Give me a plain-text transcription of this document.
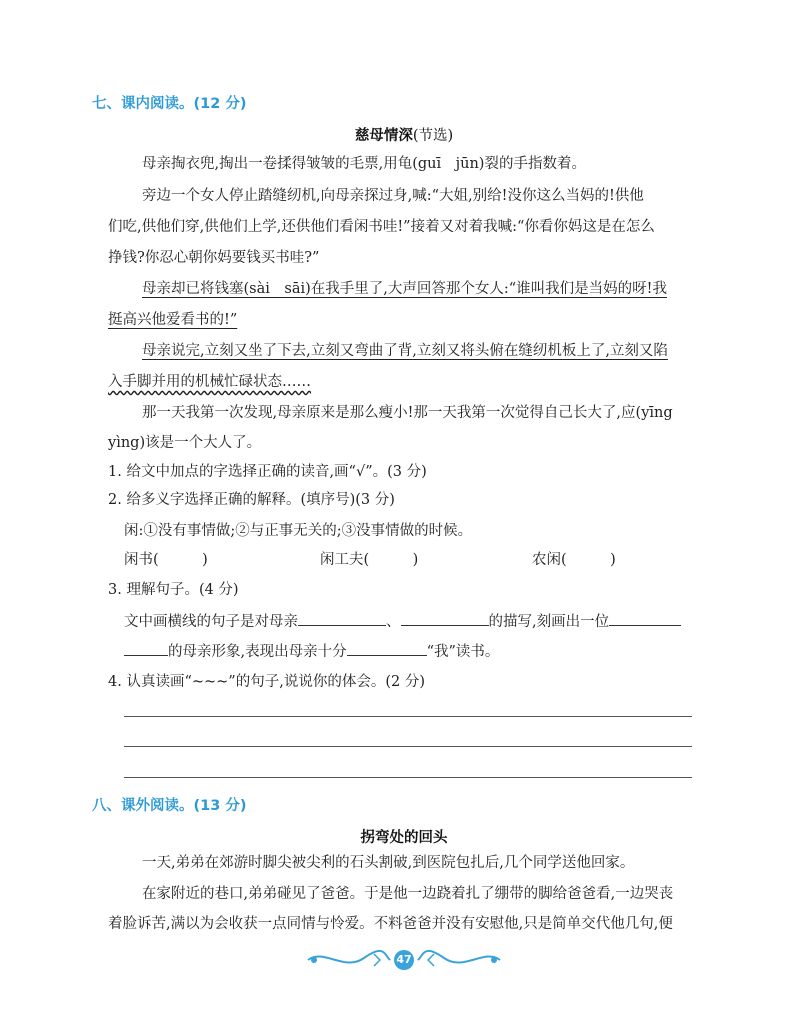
七、课内阅读。(12 分)
慈母情深(节选)
母亲掏衣兜,掏出一卷揉得皱皱的毛票,用龟(guī　jūn)裂的手指数着。
旁边一个女人停止踏缝纫机,向母亲探过身,喊:“大姐,别给!没你这么当妈的!供他
们吃,供他们穿,供他们上学,还供他们看闲书哇!”接着又对着我喊:“你看你妈这是在怎么
挣钱?你忍心朝你妈要钱买书哇?”
母亲却已将钱塞(sài　sāi)在我手里了,大声回答那个女人:“谁叫我们是当妈的呀!我
挺高兴他爱看书的!”
母亲说完,立刻又坐了下去,立刻又弯曲了背,立刻又将头俯在缝纫机板上了,立刻又陷
入手脚并用的机械忙碌状态……
那一天我第一次发现,母亲原来是那么瘦小!那一天我第一次觉得自己长大了,应(yīng
yìng)该是一个大人了。
1. 给文中加点的字选择正确的读音,画“√”。(3 分)
2. 给多义字选择正确的解释。(填序号)(3 分)
闲:①没有事情做;②与正事无关的;③没事情做的时候。
闲书(　　　)	闲工夫(　　　)	农闲(　　　)
3. 理解句子。(4 分)
文中画横线的句子是对母亲	、	的描写,刻画出一位
的母亲形象,表现出母亲十分	“我”读书。
4. 认真读画“~~~”的句子,说说你的体会。(2 分)
八、课外阅读。(13 分)
拐弯处的回头
一天,弟弟在郊游时脚尖被尖利的石头割破,到医院包扎后,几个同学送他回家。
在家附近的巷口,弟弟碰见了爸爸。于是他一边跷着扎了绷带的脚给爸爸看,一边哭丧
着脸诉苦,满以为会收获一点同情与怜爱。不料爸爸并没有安慰他,只是简单交代他几句,便
47
